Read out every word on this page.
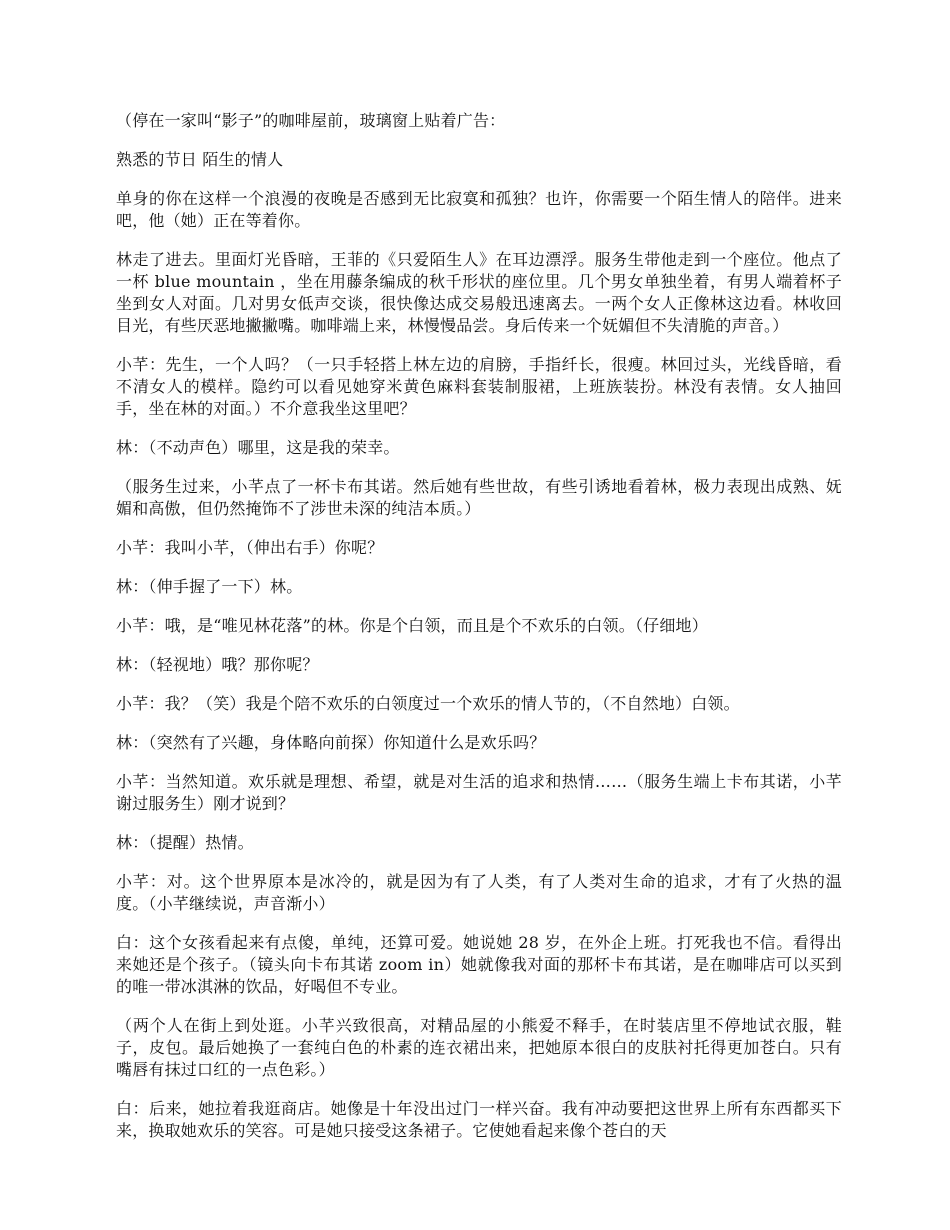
（停在一家叫“影子”的咖啡屋前，玻璃窗上贴着广告：

熟悉的节日 陌生的情人

单身的你在这样一个浪漫的夜晚是否感到无比寂寞和孤独？也许，你需要一个陌生情人的陪伴。进来吧，他（她）正在等着你。

林走了进去。里面灯光昏暗，王菲的《只爱陌生人》在耳边漂浮。服务生带他走到一个座位。他点了一杯 blue mountain ，坐在用藤条编成的秋千形状的座位里。几个男女单独坐着，有男人端着杯子坐到女人对面。几对男女低声交谈，很快像达成交易般迅速离去。一两个女人正像林这边看。林收回目光，有些厌恶地撇撇嘴。咖啡端上来，林慢慢品尝。身后传来一个妩媚但不失清脆的声音。）

小芊：先生，一个人吗？（一只手轻搭上林左边的肩膀，手指纤长，很瘦。林回过头，光线昏暗，看不清女人的模样。隐约可以看见她穿米黄色麻料套装制服裙，上班族装扮。林没有表情。女人抽回手，坐在林的对面。）不介意我坐这里吧？

林：（不动声色）哪里，这是我的荣幸。

（服务生过来，小芊点了一杯卡布其诺。然后她有些世故，有些引诱地看着林，极力表现出成熟、妩媚和高傲，但仍然掩饰不了涉世未深的纯洁本质。）

小芊：我叫小芊，（伸出右手）你呢？

林：（伸手握了一下）林。

小芊：哦，是“唯见林花落”的林。你是个白领，而且是个不欢乐的白领。（仔细地）

林：（轻视地）哦？那你呢？

小芊：我？（笑）我是个陪不欢乐的白领度过一个欢乐的情人节的，（不自然地）白领。

林：（突然有了兴趣，身体略向前探）你知道什么是欢乐吗？

小芊：当然知道。欢乐就是理想、希望，就是对生活的追求和热情……（服务生端上卡布其诺，小芊谢过服务生）刚才说到？

林：（提醒）热情。

小芊：对。这个世界原本是冰冷的，就是因为有了人类，有了人类对生命的追求，才有了火热的温度。（小芊继续说，声音渐小）

白：这个女孩看起来有点傻，单纯，还算可爱。她说她 28 岁，在外企上班。打死我也不信。看得出来她还是个孩子。（镜头向卡布其诺 zoom in）她就像我对面的那杯卡布其诺，是在咖啡店可以买到的唯一带冰淇淋的饮品，好喝但不专业。

（两个人在街上到处逛。小芊兴致很高，对精品屋的小熊爱不释手，在时装店里不停地试衣服，鞋子，皮包。最后她换了一套纯白色的朴素的连衣裙出来，把她原本很白的皮肤衬托得更加苍白。只有嘴唇有抹过口红的一点色彩。）

白：后来，她拉着我逛商店。她像是十年没出过门一样兴奋。我有冲动要把这世界上所有东西都买下来，换取她欢乐的笑容。可是她只接受这条裙子。它使她看起来像个苍白的天
